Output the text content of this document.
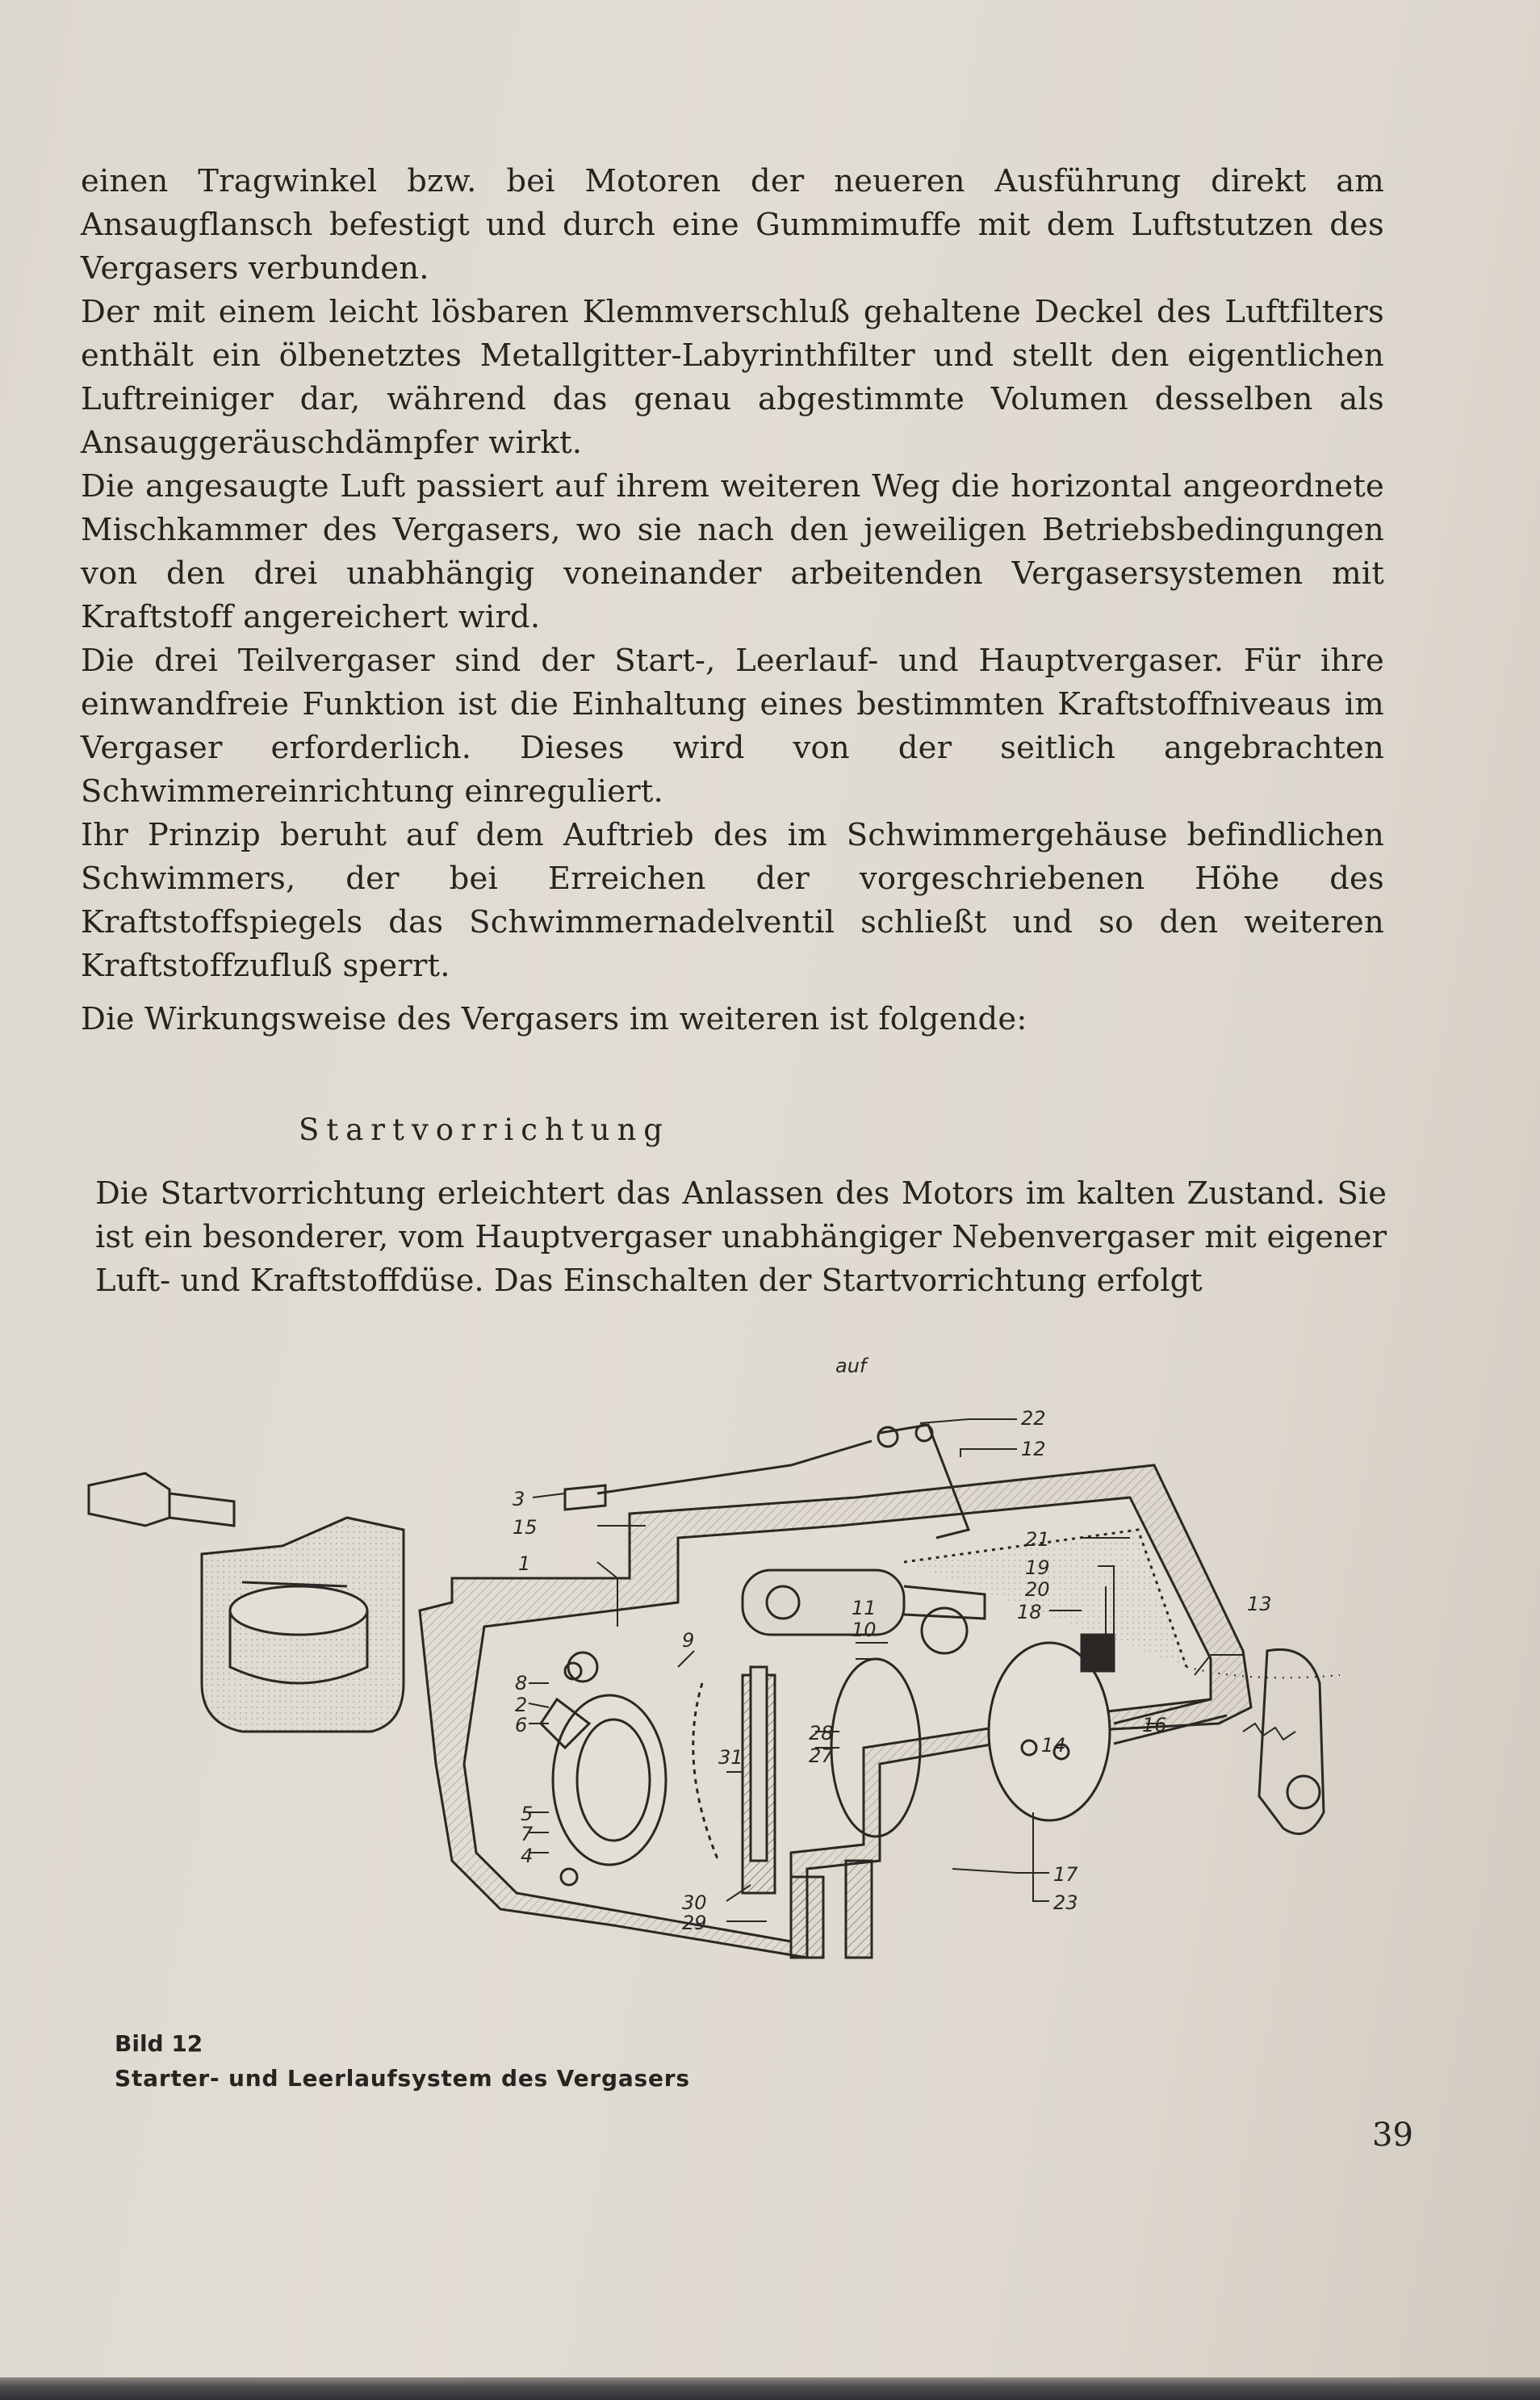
einen Tragwinkel bzw. bei Motoren der neueren Ausführung direkt am Ansaugflansch befestigt und durch eine Gummimuffe mit dem Luftstutzen des Vergasers verbunden.

Der mit einem leicht lösbaren Klemmverschluß gehaltene Deckel des Luftfilters enthält ein ölbenetztes Metallgitter-Labyrinthfilter und stellt den eigentlichen Luftreiniger dar, während das genau abgestimmte Volumen desselben als Ansauggeräuschdämpfer wirkt.

Die angesaugte Luft passiert auf ihrem weiteren Weg die horizontal angeordnete Mischkammer des Vergasers, wo sie nach den jeweiligen Betriebsbedingungen von den drei unabhängig voneinander arbeitenden Vergasersystemen mit Kraftstoff angereichert wird.

Die drei Teilvergaser sind der Start-, Leerlauf- und Hauptvergaser. Für ihre einwandfreie Funktion ist die Einhaltung eines bestimmten Kraftstoffniveaus im Vergaser erforderlich. Dieses wird von der seitlich angebrachten Schwimmereinrichtung einreguliert.

Ihr Prinzip beruht auf dem Auftrieb des im Schwimmergehäuse befindlichen Schwimmers, der bei Erreichen der vorgeschriebenen Höhe des Kraftstoffspiegels das Schwimmernadelventil schließt und so den weiteren Kraftstoffzufluß sperrt.

Die Wirkungsweise des Vergasers im weiteren ist folgende:

Startvorrichtung

Die Startvorrichtung erleichtert das Anlassen des Motors im kalten Zustand. Sie ist ein besonderer, vom Hauptvergaser unabhängiger Nebenvergaser mit eigener Luft- und Kraftstoffdüse. Das Einschalten der Startvorrichtung erfolgt

auf
22
12
3
15
1
21
19
20
18	13
11
10
9
8
2
6	28
27
31
14
16
5
7
4
17
23
30
29

Bild 12

Starter- und Leerlaufsystem des Vergasers

39
